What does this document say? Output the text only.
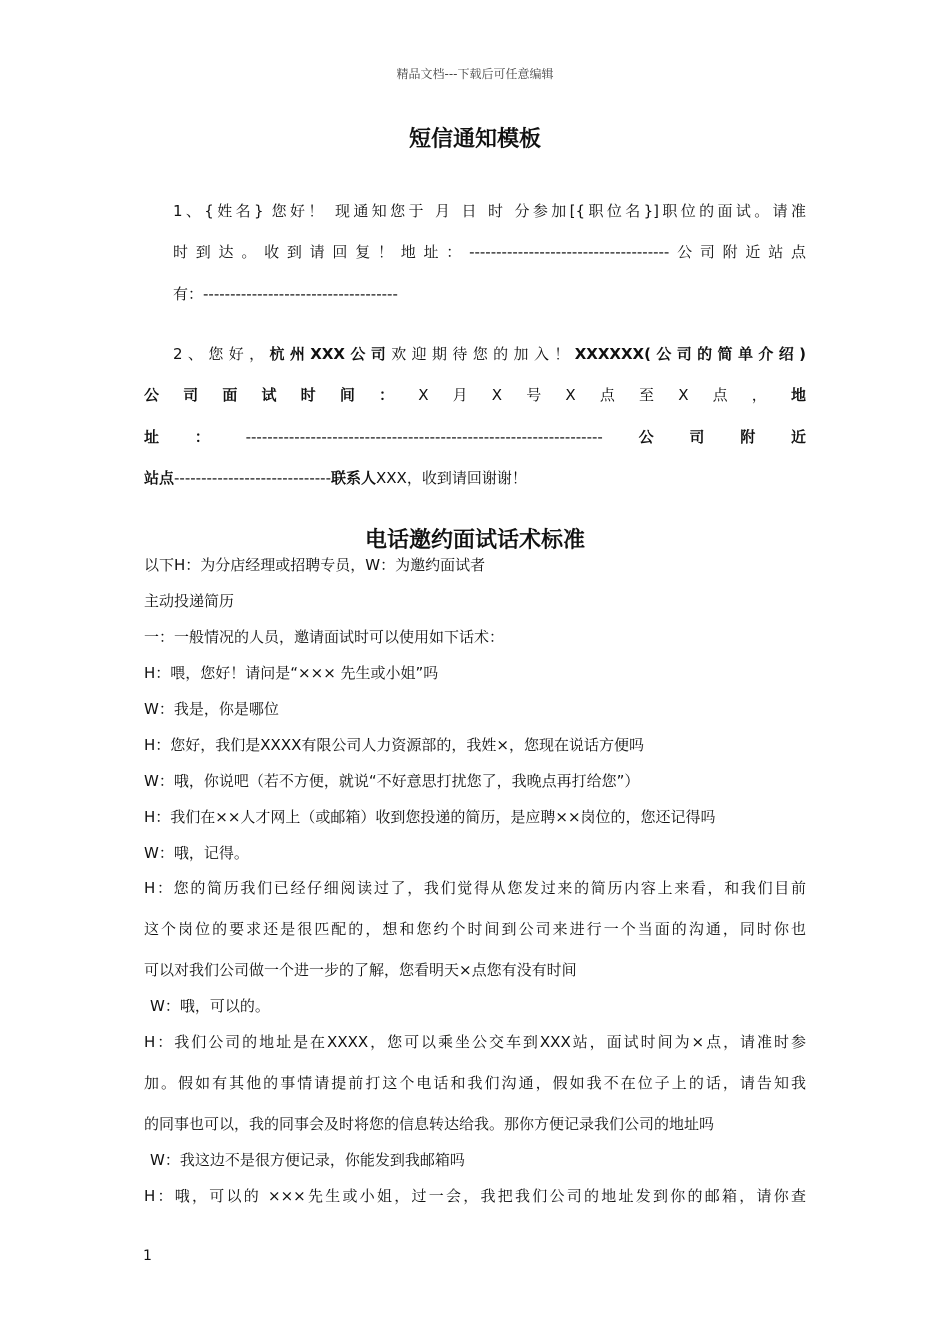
精品文档---下载后可任意编辑
短信通知模板
1、{姓名} 您好！ 现通知您于 月 日 时 分参加[{职位名}]职位的面试。请准
时到达。收到请回复！地址：-------------------------------------公司附近站点
有：------------------------------------
2、您好，杭州XXX公司欢迎期待您的加入！XXXXXX(公司的简单介绍)
公司面试时间：X月X号X点至X点，地
址：------------------------------------------------------------------公司附近
站点-----------------------------联系人XXX，收到请回谢谢！
电话邀约面试话术标准
以下H：为分店经理或招聘专员，W：为邀约面试者
主动投递简历
一：一般情况的人员，邀请面试时可以使用如下话术：
H：喂，您好！请问是“××× 先生或小姐”吗
W：我是，你是哪位
H：您好，我们是XXXX有限公司人力资源部的，我姓×，您现在说话方便吗
W：哦，你说吧（若不方便，就说“不好意思打扰您了，我晚点再打给您”）
H：我们在××人才网上（或邮箱）收到您投递的简历，是应聘××岗位的，您还记得吗
W：哦，记得。
H：您的简历我们已经仔细阅读过了，我们觉得从您发过来的简历内容上来看，和我们目前
这个岗位的要求还是很匹配的，想和您约个时间到公司来进行一个当面的沟通，同时你也
可以对我们公司做一个进一步的了解，您看明天×点您有没有时间
W：哦，可以的。
H：我们公司的地址是在XXXX，您可以乘坐公交车到XXX站，面试时间为×点，请准时参
加。假如有其他的事情请提前打这个电话和我们沟通，假如我不在位子上的话，请告知我
的同事也可以，我的同事会及时将您的信息转达给我。那你方便记录我们公司的地址吗
W：我这边不是很方便记录，你能发到我邮箱吗
H：哦，可以的 ×××先生或小姐，过一会，我把我们公司的地址发到你的邮箱，请你查
1
